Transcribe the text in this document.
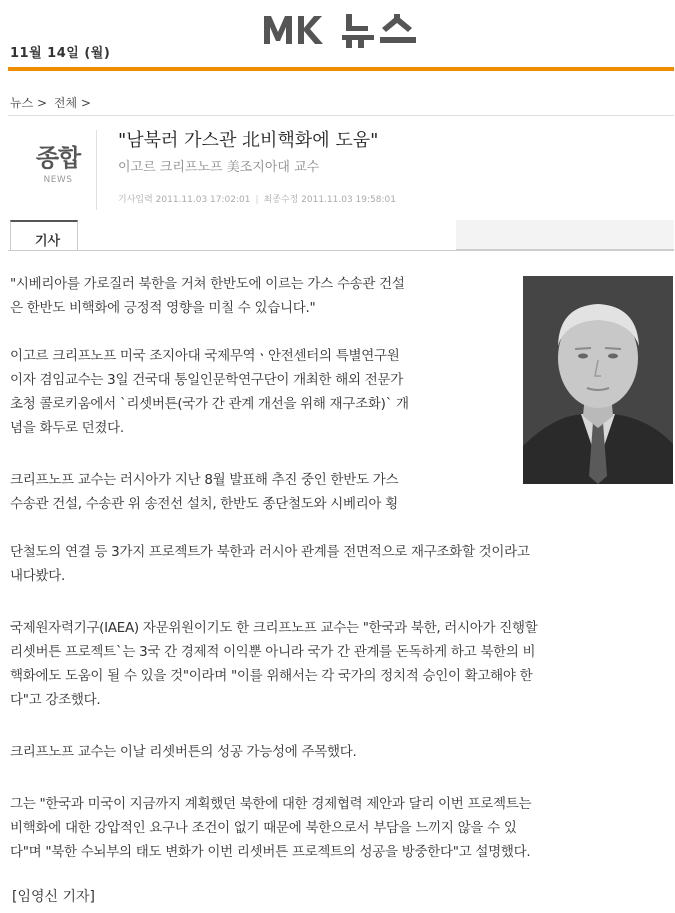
11월 14일 (월)
뉴스 > 전체 >
종합
NEWS
"남북러 가스관 北비핵화에 도움"
이고르 크리프노프 美조지아대 교수
기사입력 2011.11.03 17:02:01 | 최종수정 2011.11.03 19:58:01
기사
"시베리아를 가로질러 북한을 거쳐 한반도에 이르는 가스 수송관 건설
은 한반도 비핵화에 긍정적 영향을 미칠 수 있습니다."
이고르 크리프노프 미국 조지아대 국제무역ㆍ안전센터의 특별연구원
이자 겸임교수는 3일 건국대 통일인문학연구단이 개최한 해외 전문가
초청 콜로키움에서 `리셋버튼(국가 간 관계 개선을 위해 재구조화)` 개
념을 화두로 던졌다.
크리프노프 교수는 러시아가 지난 8월 발표해 추진 중인 한반도 가스
수송관 건설, 수송관 위 송전선 설치, 한반도 종단철도와 시베리아 횡
단철도의 연결 등 3가지 프로젝트가 북한과 러시아 관계를 전면적으로 재구조화할 것이라고
내다봤다.
국제원자력기구(IAEA) 자문위원이기도 한 크리프노프 교수는 "한국과 북한, 러시아가 진행할
리셋버튼 프로젝트`는 3국 간 경제적 이익뿐 아니라 국가 간 관계를 돈독하게 하고 북한의 비
핵화에도 도움이 될 수 있을 것"이라며 "이를 위해서는 각 국가의 정치적 승인이 확고해야 한
다"고 강조했다.
크리프노프 교수는 이날 리셋버튼의 성공 가능성에 주목했다.
그는 "한국과 미국이 지금까지 계획했던 북한에 대한 경제협력 제안과 달리 이번 프로젝트는
비핵화에 대한 강압적인 요구나 조건이 없기 때문에 북한으로서 부담을 느끼지 않을 수 있
다"며 "북한 수뇌부의 태도 변화가 이번 리셋버튼 프로젝트의 성공을 방중한다"고 설명했다.
[임영신 기자]
